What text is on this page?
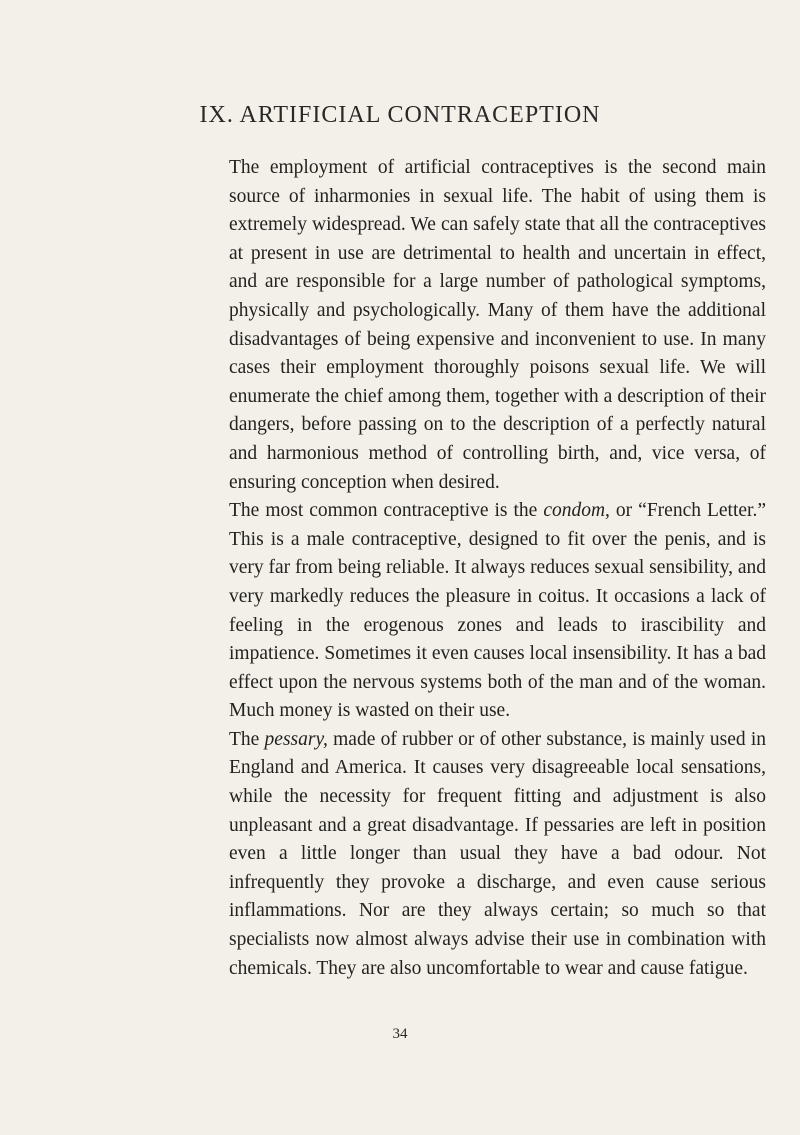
IX. ARTIFICIAL CONTRACEPTION

The employment of artificial contraceptives is the second main source of inharmonies in sexual life. The habit of using them is extremely widespread. We can safely state that all the contraceptives at present in use are detrimental to health and uncertain in effect, and are responsible for a large number of pathological symptoms, physically and psychologically. Many of them have the additional disadvantages of being expensive and inconvenient to use. In many cases their employment thoroughly poisons sexual life. We will enumerate the chief among them, together with a description of their dangers, before passing on to the description of a perfectly natural and harmonious method of controlling birth, and, vice versa, of ensuring conception when desired.

The most common contraceptive is the condom, or “French Letter.” This is a male contraceptive, designed to fit over the penis, and is very far from being reliable. It always reduces sexual sensibility, and very markedly reduces the pleasure in coitus. It occasions a lack of feeling in the erogenous zones and leads to irascibility and impatience. Sometimes it even causes local insensibility. It has a bad effect upon the nervous systems both of the man and of the woman. Much money is wasted on their use.

The pessary, made of rubber or of other substance, is mainly used in England and America. It causes very disagreeable local sensations, while the necessity for frequent fitting and adjustment is also unpleasant and a great disadvantage. If pessaries are left in position even a little longer than usual they have a bad odour. Not infrequently they provoke a discharge, and even cause serious inflammations. Nor are they always certain; so much so that specialists now almost always advise their use in combination with chemicals. They are also uncomfortable to wear and cause fatigue.

34
